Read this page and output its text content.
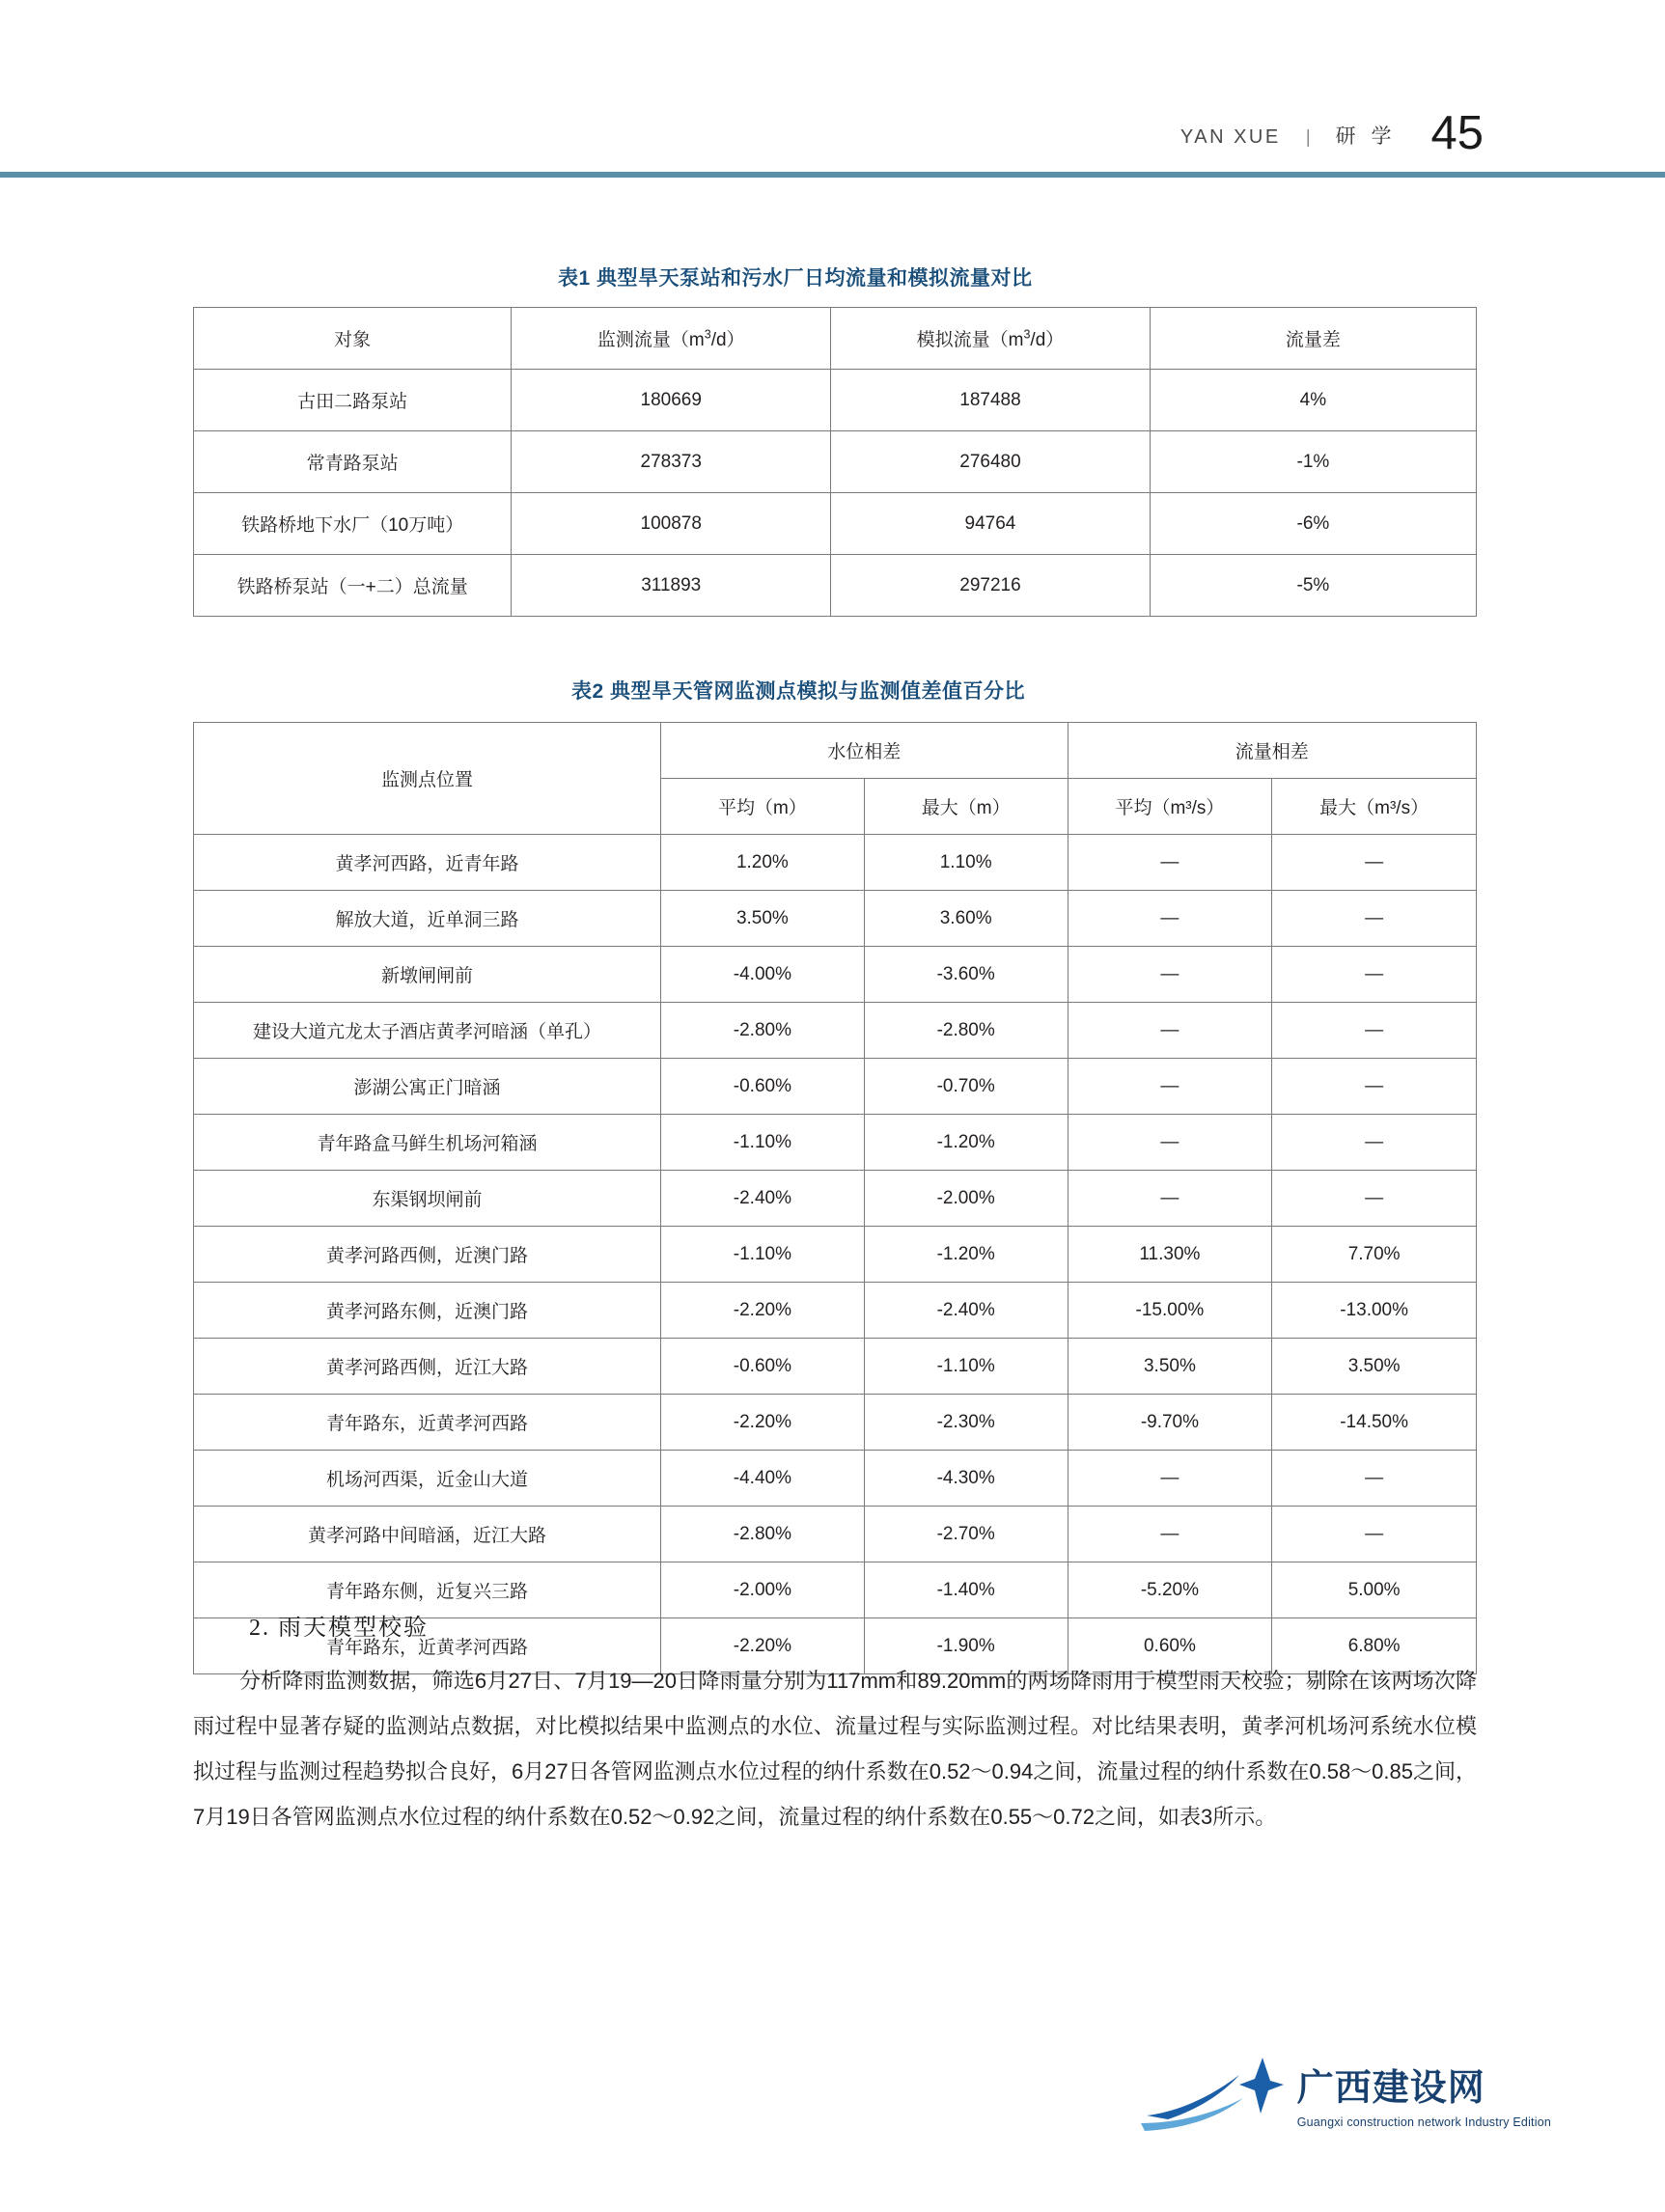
YAN XUE	| 研 学 45
表1 典型旱天泵站和污水厂日均流量和模拟流量对比
对象	监测流量$(m^3/d)$	模拟流量$(m^3/d)$	流量差
古田二路泵站	180669	187488	4%
常青路泵站	278373	276480	-1%
铁路桥地下水厂（10万吨）	100878	94764	-6%
铁路桥泵站（一+二）总流量	311893	297216	-5%
表2 典型旱天管网监测点模拟与监测值差值百分比
监测点位置	水位相差		流量相差	
	平均（m）	最大（m）	平均（m³/s）	最大（m³/s）
黄孝河西路，近青年路	1.20%	1.10%	—	—
解放大道，近单洞三路	3.50%	3.60%	—	—
新墩闸闸前	-4.00%	-3.60%	—	—
建设大道亢龙太子酒店黄孝河暗涵（单孔）	-2.80%	-2.80%	—	—
澎湖公寓正门暗涵	-0.60%	-0.70%	—	—
青年路盒马鲜生机场河箱涵	-1.10%	-1.20%	—	—
东渠钢坝闸前	-2.40%	-2.00%	—	—
黄孝河路西侧，近澳门路	-1.10%	-1.20%	11.30%	7.70%
黄孝河路东侧，近澳门路	-2.20%	-2.40%	-15.00%	-13.00%
黄孝河路西侧，近江大路	-0.60%	-1.10%	3.50%	3.50%
青年路东，近黄孝河西路	-2.20%	-2.30%	-9.70%	-14.50%
机场河西渠，近金山大道	-4.40%	-4.30%	—	—
黄孝河路中间暗涵，近江大路	-2.80%	-2.70%	—	—
青年路东侧，近复兴三路	-2.00%	-1.40%	-5.20%	5.00%
青年路东，近黄孝河西路	-2.20%	-1.90%	0.60%	6.80%
2. 雨天模型校验
分析降雨监测数据，筛选6月27日、7月19—20日降雨量分别为117mm和89.20mm的两场降雨用于模型雨天校验；剔除在该两场次降雨过程中显著存疑的监测站点数据，对比模拟结果中监测点的水位、流量过程与实际监测过程。对比结果表明，黄孝河机场河系统水位模拟过程与监测过程趋势拟合良好，6月27日各管网监测点水位过程的纳什系数在0.52～0.94之间，流量过程的纳什系数在0.58～0.85之间，7月19日各管网监测点水位过程的纳什系数在0.52～0.92之间，流量过程的纳什系数在0.55～0.72之间，如表3所示。
广西建设网
Guangxi construction network Industry Edition
